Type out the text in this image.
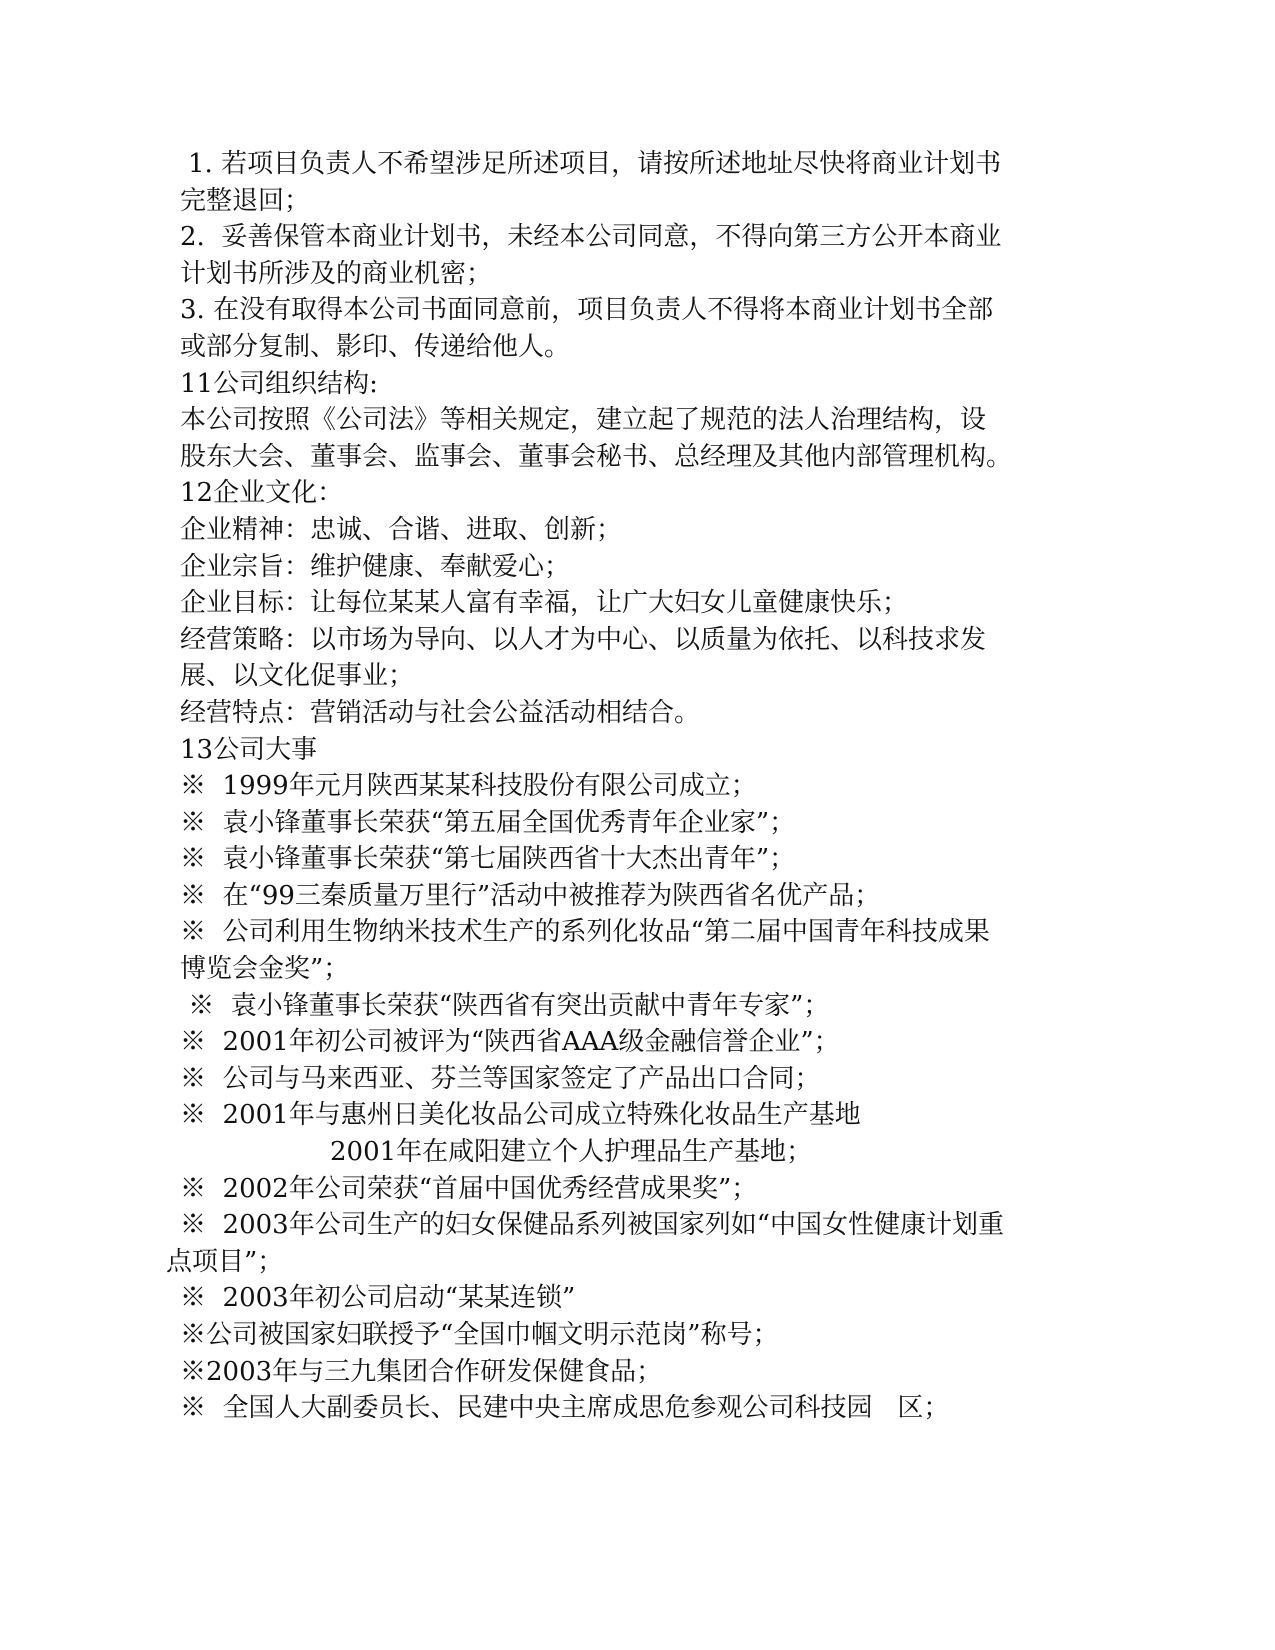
1. 若项目负责人不希望涉足所述项目，请按所述地址尽快将商业计划书
完整退回；
2.  妥善保管本商业计划书，未经本公司同意，不得向第三方公开本商业
计划书所涉及的商业机密；
3. 在没有取得本公司书面同意前，项目负责人不得将本商业计划书全部
或部分复制、影印、传递给他人。
11公司组织结构:
本公司按照《公司法》等相关规定，建立起了规范的法人治理结构，设
股东大会、董事会、监事会、董事会秘书、总经理及其他内部管理机构。
12企业文化：
企业精神：忠诚、合谐、进取、创新；
企业宗旨：维护健康、奉献爱心；
企业目标：让每位某某人富有幸福，让广大妇女儿童健康快乐；
经营策略：以市场为导向、以人才为中心、以质量为依托、以科技求发
展、以文化促事业；
经营特点：营销活动与社会公益活动相结合。
13公司大事
※  1999年元月陕西某某科技股份有限公司成立；
※  袁小锋董事长荣获“第五届全国优秀青年企业家”；
※  袁小锋董事长荣获“第七届陕西省十大杰出青年”；
※  在“99三秦质量万里行”活动中被推荐为陕西省名优产品；
※  公司利用生物纳米技术生产的系列化妆品“第二届中国青年科技成果
博览会金奖”；
※  袁小锋董事长荣获“陕西省有突出贡献中青年专家”；
※  2001年初公司被评为“陕西省AAA级金融信誉企业”；
※  公司与马来西亚、芬兰等国家签定了产品出口合同；
※  2001年与惠州日美化妆品公司成立特殊化妆品生产基地
2001年在咸阳建立个人护理品生产基地；
※  2002年公司荣获“首届中国优秀经营成果奖”；
※  2003年公司生产的妇女保健品系列被国家列如“中国女性健康计划重
点项目”；
※  2003年初公司启动“某某连锁”
※公司被国家妇联授予“全国巾帼文明示范岗”称号；
※2003年与三九集团合作研发保健食品；
※  全国人大副委员长、民建中央主席成思危参观公司科技园   区；
